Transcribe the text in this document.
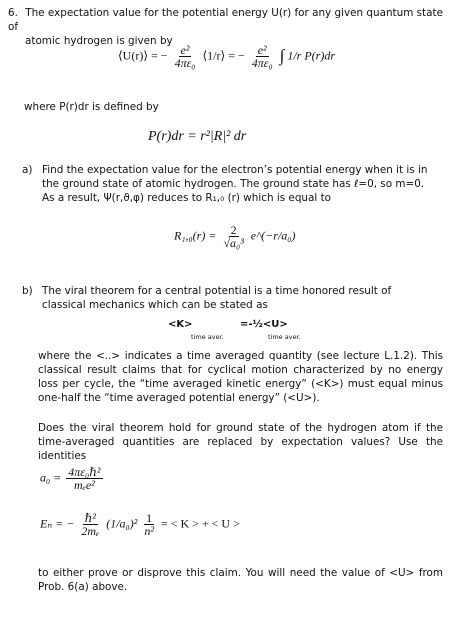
6. The expectation value for the potential energy U(r) for any given quantum state of
atomic hydrogen is given by
⟨U(r)⟩ = − $\frac{\text{e²}}{\text{4πε₀}}$ ⟨1/r⟩ = − $\frac{\text{e²}}{\text{4πε₀}}$ ∫ 1/r P(r)dr
where P(r)dr is defined by
P(r)dr = r²|R|² dr
a) Find the expectation value for the electron’s potential energy when it is in the ground state of atomic hydrogen. The ground state has ℓ=0, so m=0. As a result, Ψ(r,ϑ,φ) reduces to R₁,₀ (r) which is equal to

$R_1,_0(r) = \frac{2}{\text{√a₀³}}$ e^(−r/a₀)
b) The viral theorem for a central potential is a time honored result of classical mechanics which can be stated as

<K>	=-½<U>
time aver.	time aver.
where the <..> indicates a time averaged quantity (see lecture L.1.2). This classical result claims that for cyclical motion characterized by no energy loss per cycle, the “time averaged kinetic energy” (<K>) must equal minus one-half the “time averaged potential energy” (<U>).
Does the viral theorem hold for ground state of the hydrogen atom if the time-averaged quantities are replaced by expectation values? Use the identities
$a_0 = \frac{\text{4πε₀ℏ²}}{\text{mₑe²}}$
Eₙ = − $\frac{\text{ℏ²}}{\text{2mₑ}} (1/a_0)^2 \frac{1}{\text{n²}}$ = < K > + < U >
to either prove or disprove this claim. You will need the value of <U> from Prob. 6(a) above.
